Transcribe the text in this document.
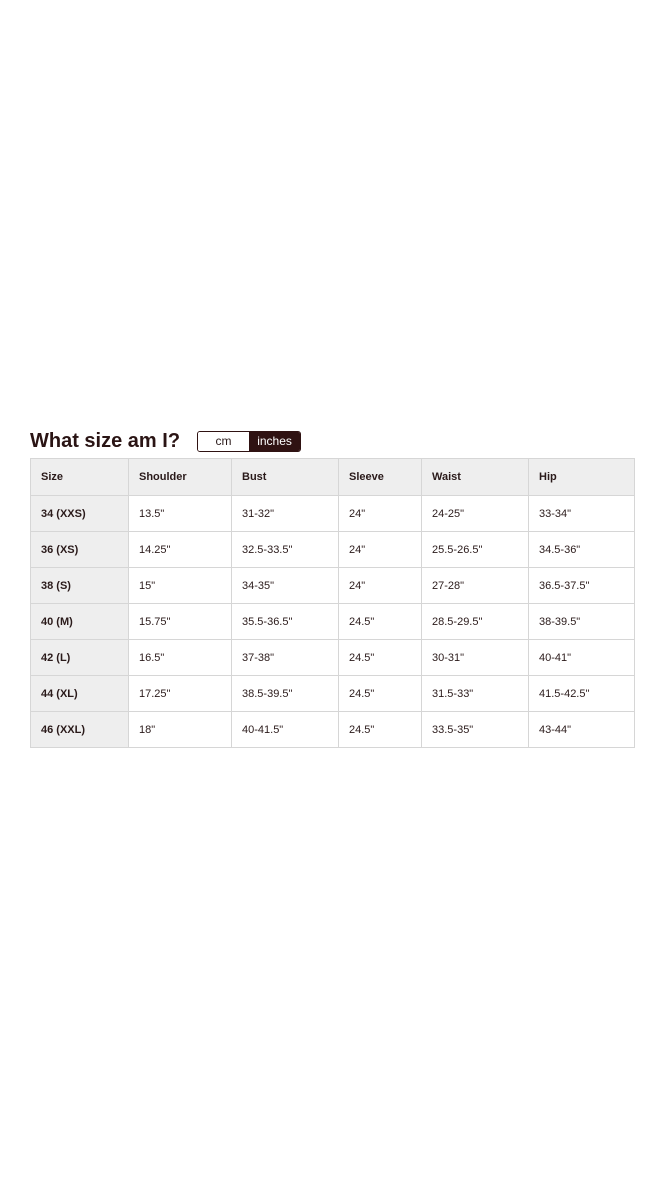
What size am I?	cm	inches
Size	Shoulder	Bust	Sleeve	Waist	Hip
34 (XXS)	13.5"	31-32"	24"	24-25"	33-34"
36 (XS)	14.25"	32.5-33.5"	24"	25.5-26.5"	34.5-36"
38 (S)	15"	34-35"	24"	27-28"	36.5-37.5"
40 (M)	15.75"	35.5-36.5"	24.5"	28.5-29.5"	38-39.5"
42 (L)	16.5"	37-38"	24.5"	30-31"	40-41"
44 (XL)	17.25"	38.5-39.5"	24.5"	31.5-33"	41.5-42.5"
46 (XXL)	18"	40-41.5"	24.5"	33.5-35"	43-44"
